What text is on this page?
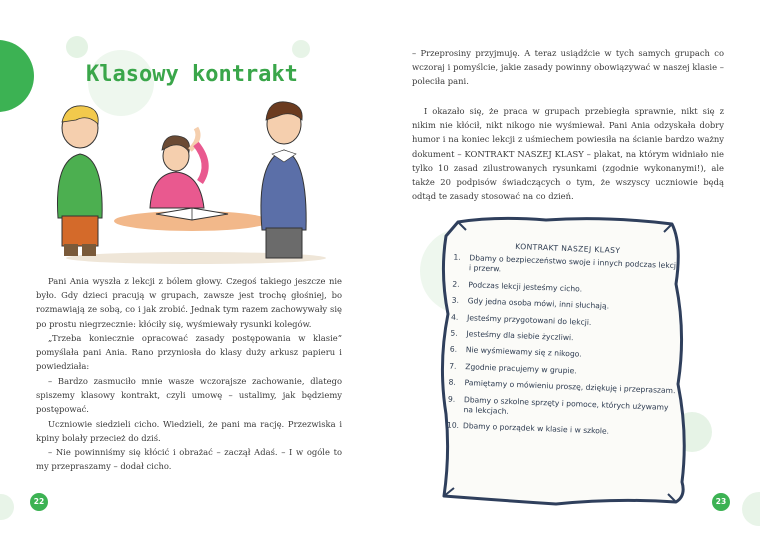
Klasowy kontrakt

Pani Ania wyszła z lekcji z bólem głowy. Czegoś takiego jeszcze nie było. Gdy dzieci pracują w grupach, zawsze jest trochę głośniej, bo rozmawiają ze sobą, co i jak zrobić. Jednak tym razem zachowywały się po prostu niegrzecznie: kłóciły się, wyśmiewały rysunki kolegów.

„Trzeba koniecznie opracować zasady postępowania w klasie” pomyślała pani Ania. Rano przyniosła do klasy duży arkusz papieru i powiedziała:

– Bardzo zasmuciło mnie wasze wczorajsze zachowanie, dlatego spiszemy klasowy kontrakt, czyli umowę – ustalimy, jak będziemy postępować.

Uczniowie siedzieli cicho. Wiedzieli, że pani ma rację. Przezwiska i kpiny bolały przecież do dziś.

– Nie powinniśmy się kłócić i obrażać – zaczął Adaś. – I w ogóle to my przepraszamy – dodał cicho.

22

– Przeprosiny przyjmuję. A teraz usiądźcie w tych samych grupach co wczoraj i pomyślcie, jakie zasady powinny obowiązywać w naszej klasie – poleciła pani.

I okazało się, że praca w grupach przebiegła sprawnie, nikt się z nikim nie kłócił, nikt nikogo nie wyśmiewał. Pani Ania odzyskała dobry humor i na koniec lekcji z uśmiechem powiesiła na ścianie bardzo ważny dokument – KONTRAKT NASZEJ KLASY – plakat, na którym widniało nie tylko 10 zasad zilustrowanych rysunkami (zgodnie wykonanymi!), ale także 20 podpisów świadczących o tym, że wszyscy uczniowie będą odtąd te zasady stosować na co dzień.

KONTRAKT NASZEJ KLASY
1.	Dbamy o bezpieczeństwo swoje i innych podczas lekcji i przerw.
2.	Podczas lekcji jesteśmy cicho.
3.	Gdy jedna osoba mówi, inni słuchają.
4.	Jesteśmy przygotowani do lekcji.
5.	Jesteśmy dla siebie życzliwi.
6.	Nie wyśmiewamy się z nikogo.
7.	Zgodnie pracujemy w grupie.
8.	Pamiętamy o mówieniu proszę, dziękuję i przepraszam.
9.	Dbamy o szkolne sprzęty i pomoce, których używamy na lekcjach.
10. Dbamy o porządek w klasie i w szkole.
23
